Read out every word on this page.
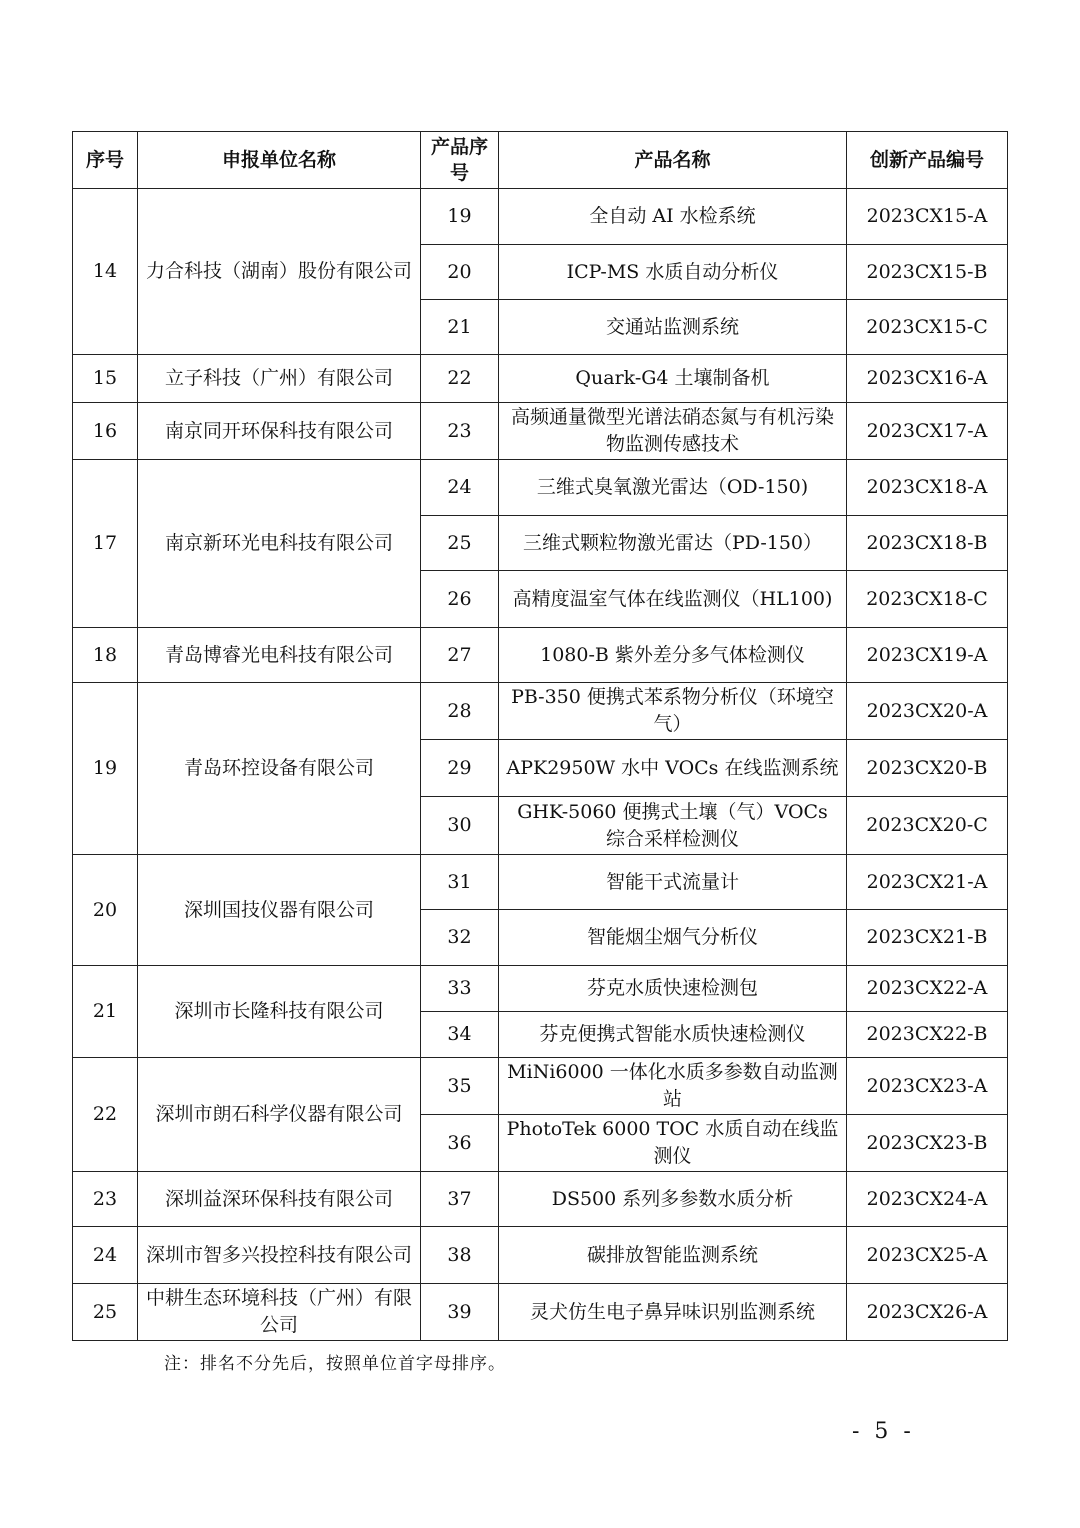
序号	申报单位名称	产品序号	产品名称	创新产品编号
14	力合科技（湖南）股份有限公司	19	全自动 AI 水检系统	2023CX15-A
		20	ICP-MS 水质自动分析仪	2023CX15-B
		21	交通站监测系统	2023CX15-C
15	立子科技（广州）有限公司	22	Quark-G4 土壤制备机	2023CX16-A
16	南京同开环保科技有限公司	23	高频通量微型光谱法硝态氮与有机污染物监测传感技术	2023CX17-A
17	南京新环光电科技有限公司	24	三维式臭氧激光雷达（OD-150)	2023CX18-A
		25	三维式颗粒物激光雷达（PD-150）	2023CX18-B
		26	高精度温室气体在线监测仪（HL100)	2023CX18-C
18	青岛博睿光电科技有限公司	27	1080-B 紫外差分多气体检测仪	2023CX19-A
19	青岛环控设备有限公司	28	PB-350 便携式苯系物分析仪（环境空气）	2023CX20-A
		29	APK2950W 水中 VOCs 在线监测系统	2023CX20-B
		30	GHK-5060 便携式土壤（气）VOCs 综合采样检测仪	2023CX20-C
20	深圳国技仪器有限公司	31	智能干式流量计	2023CX21-A
		32	智能烟尘烟气分析仪	2023CX21-B
21	深圳市长隆科技有限公司	33	芬克水质快速检测包	2023CX22-A
		34	芬克便携式智能水质快速检测仪	2023CX22-B
22	深圳市朗石科学仪器有限公司	35	MiNi6000 一体化水质多参数自动监测站	2023CX23-A
		36	PhotoTek 6000 TOC 水质自动在线监测仪	2023CX23-B
23	深圳益深环保科技有限公司	37	DS500 系列多参数水质分析	2023CX24-A
24	深圳市智多兴投控科技有限公司	38	碳排放智能监测系统	2023CX25-A
25	中耕生态环境科技（广州）有限公司	39	灵犬仿生电子鼻异味识别监测系统	2023CX26-A
注：排名不分先后，按照单位首字母排序。
- 5 -
